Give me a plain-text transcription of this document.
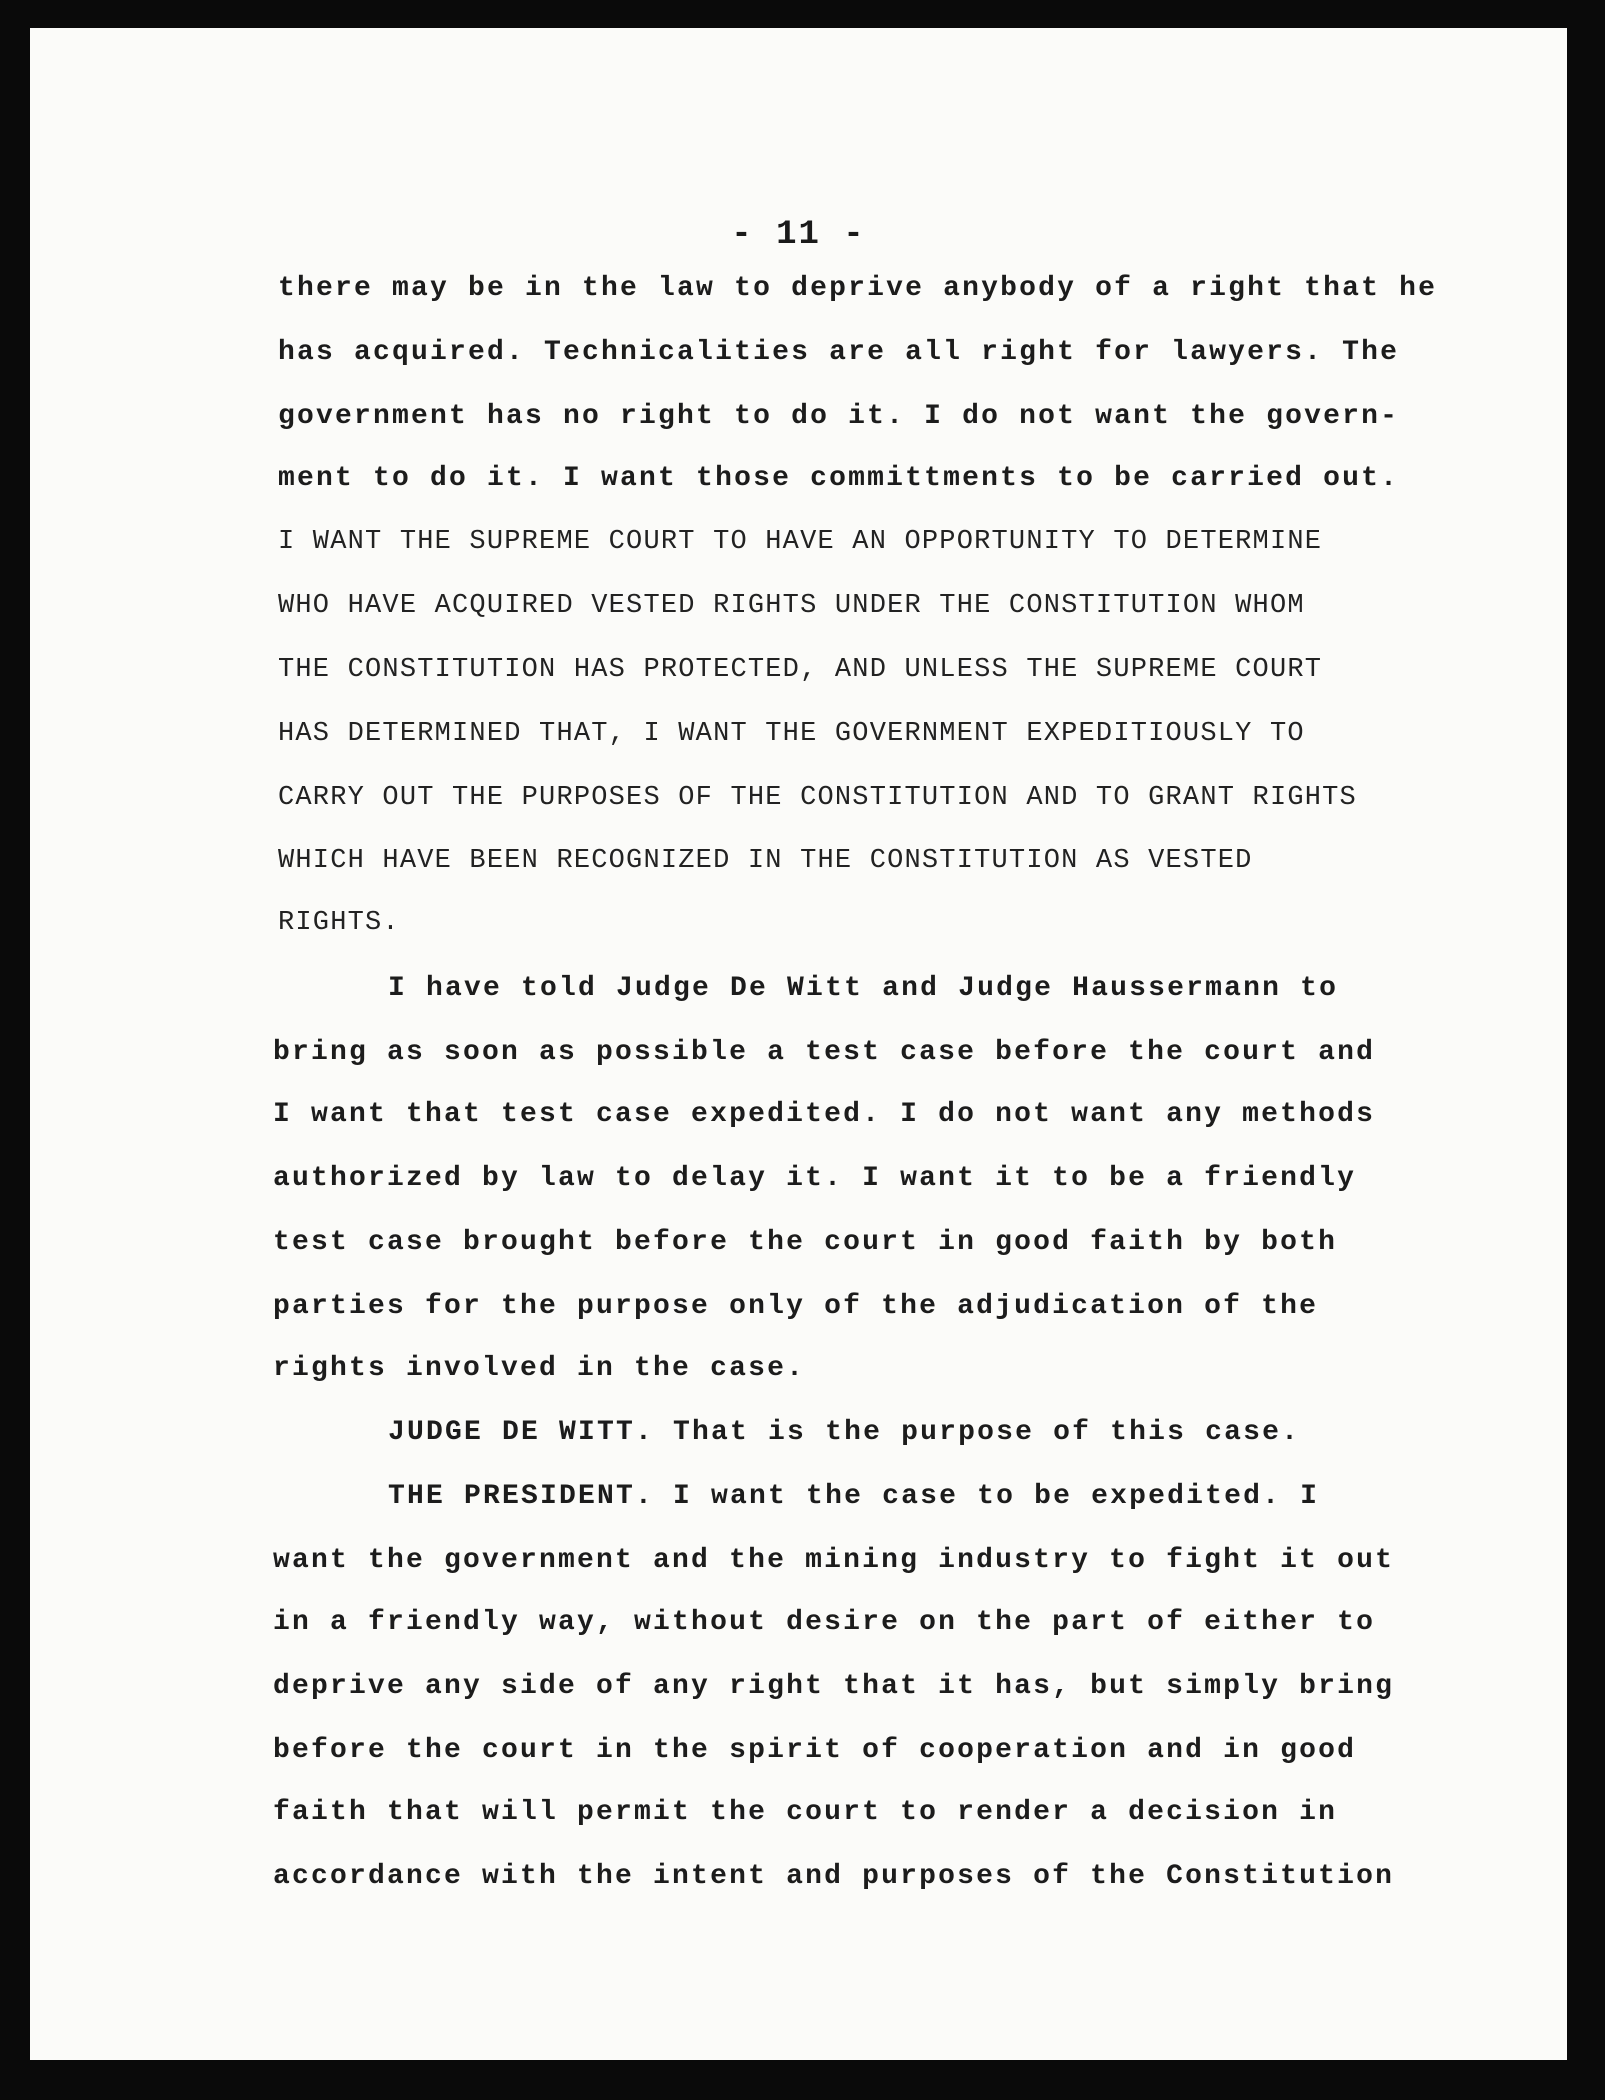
- 11 -
there may be in the law to deprive anybody of a right that he
has acquired. Technicalities are all right for lawyers. The
government has no right to do it. I do not want the govern-
ment to do it. I want those committments to be carried out.
I WANT THE SUPREME COURT TO HAVE AN OPPORTUNITY TO DETERMINE
WHO HAVE ACQUIRED VESTED RIGHTS UNDER THE CONSTITUTION WHOM
THE CONSTITUTION HAS PROTECTED, AND UNLESS THE SUPREME COURT
HAS DETERMINED THAT, I WANT THE GOVERNMENT EXPEDITIOUSLY TO
CARRY OUT THE PURPOSES OF THE CONSTITUTION AND TO GRANT RIGHTS
WHICH HAVE BEEN RECOGNIZED IN THE CONSTITUTION AS VESTED
RIGHTS.
I have told Judge De Witt and Judge Haussermann to
bring as soon as possible a test case before the court and
I want that test case expedited. I do not want any methods
authorized by law to delay it. I want it to be a friendly
test case brought before the court in good faith by both
parties for the purpose only of the adjudication of the
rights involved in the case.
JUDGE DE WITT. That is the purpose of this case.
THE PRESIDENT. I want the case to be expedited. I
want the government and the mining industry to fight it out
in a friendly way, without desire on the part of either to
deprive any side of any right that it has, but simply bring
before the court in the spirit of cooperation and in good
faith that will permit the court to render a decision in
accordance with the intent and purposes of the Constitution
